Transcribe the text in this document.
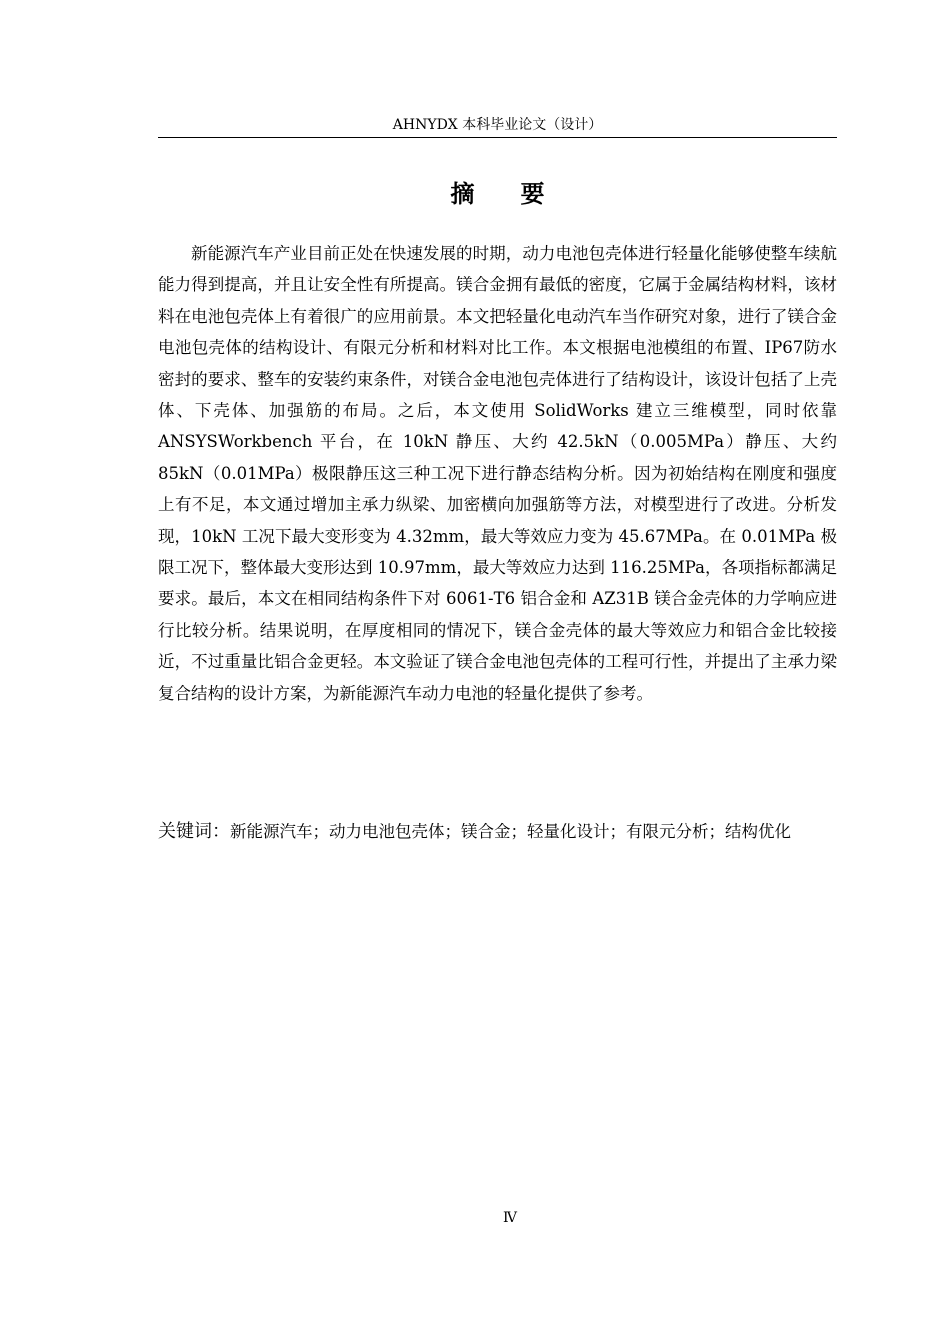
AHNYDX 本科毕业论文（设计）
摘要

新能源汽车产业目前正处在快速发展的时期，动力电池包壳体进行轻量化能够使整车续航能力得到提高，并且让安全性有所提高。镁合金拥有最低的密度，它属于金属结构材料，该材料在电池包壳体上有着很广的应用前景。本文把轻量化电动汽车当作研究对象，进行了镁合金电池包壳体的结构设计、有限元分析和材料对比工作。本文根据电池模组的布置、IP67防水密封的要求、整车的安装约束条件，对镁合金电池包壳体进行了结构设计，该设计包括了上壳体、下壳体、加强筋的布局。之后，本文使用 SolidWorks 建立三维模型，同时依靠 ANSYSWorkbench 平台，在 10kN 静压、大约 42.5kN（0.005MPa）静压、大约 85kN（0.01MPa）极限静压这三种工况下进行静态结构分析。因为初始结构在刚度和强度上有不足，本文通过增加主承力纵梁、加密横向加强筋等方法，对模型进行了改进。分析发现，10kN 工况下最大变形变为 4.32mm，最大等效应力变为 45.67MPa。在 0.01MPa 极限工况下，整体最大变形达到 10.97mm，最大等效应力达到 116.25MPa，各项指标都满足要求。最后，本文在相同结构条件下对 6061-T6 铝合金和 AZ31B 镁合金壳体的力学响应进行比较分析。结果说明，在厚度相同的情况下，镁合金壳体的最大等效应力和铝合金比较接近，不过重量比铝合金更轻。本文验证了镁合金电池包壳体的工程可行性，并提出了主承力梁复合结构的设计方案，为新能源汽车动力电池的轻量化提供了参考。

关键词：新能源汽车；动力电池包壳体；镁合金；轻量化设计；有限元分析；结构优化

Ⅳ
